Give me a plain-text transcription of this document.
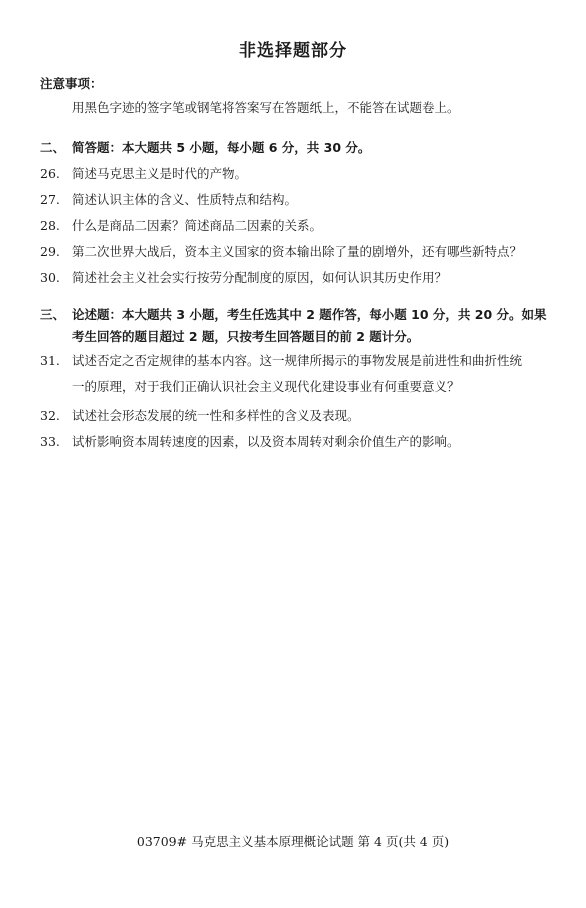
非选择题部分
注意事项：
用黑色字迹的签字笔或钢笔将答案写在答题纸上，不能答在试题卷上。
二、 简答题：本大题共 5 小题，每小题 6 分，共 30 分。
26. 简述马克思主义是时代的产物。
27. 简述认识主体的含义、性质特点和结构。
28. 什么是商品二因素？简述商品二因素的关系。
29. 第二次世界大战后，资本主义国家的资本输出除了量的剧增外，还有哪些新特点？
30. 简述社会主义社会实行按劳分配制度的原因，如何认识其历史作用？
三、 论述题：本大题共 3 小题，考生任选其中 2 题作答，每小题 10 分，共 20 分。如果
考生回答的题目超过 2 题，只按考生回答题目的前 2 题计分。
31. 试述否定之否定规律的基本内容。这一规律所揭示的事物发展是前进性和曲折性统
一的原理，对于我们正确认识社会主义现代化建设事业有何重要意义？
32. 试述社会形态发展的统一性和多样性的含义及表现。
33. 试析影响资本周转速度的因素，以及资本周转对剩余价值生产的影响。
03709# 马克思主义基本原理概论试题 第 4 页(共 4 页)
